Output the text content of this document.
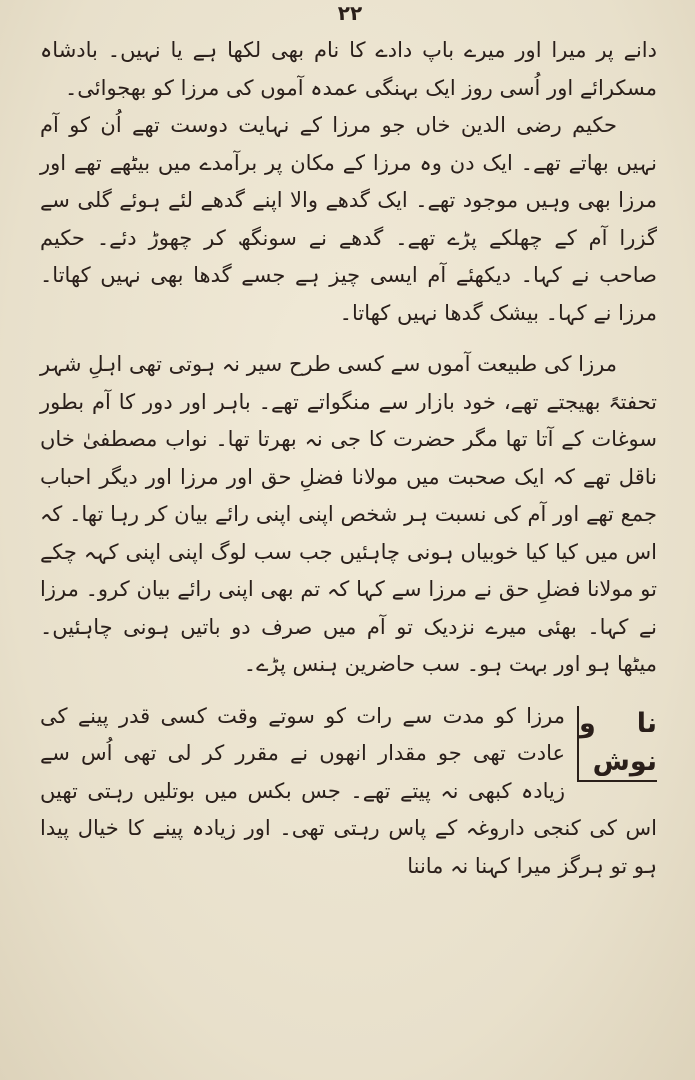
۲۲

دانے پر میرا اور میرے باپ دادے کا نام بھی لکھا ہے یا نہیں۔ بادشاہ مسکرائے اور اُسی روز ایک بہنگی عمدہ آموں کی مرزا کو بھجوائی۔

حکیم رضی الدین خاں جو مرزا کے نہایت دوست تھے اُن کو آم نہیں بھاتے تھے۔ ایک دن وہ مرزا کے مکان پر برآمدے میں بیٹھے تھے اور مرزا بھی وہیں موجود تھے۔ ایک گدھے والا اپنے گدھے لئے ہوئے گلی سے گزرا آم کے چھلکے پڑے تھے۔ گدھے نے سونگھ کر چھوڑ دئے۔ حکیم صاحب نے کہا۔ دیکھئے آم ایسی چیز ہے جسے گدھا بھی نہیں کھاتا۔ مرزا نے کہا۔ بیشک گدھا نہیں کھاتا۔

مرزا کی طبیعت آموں سے کسی طرح سیر نہ ہوتی تھی اہلِ شہر تحفتہً بھیجتے تھے، خود بازار سے منگواتے تھے۔ باہر اور دور کا آم بطور سوغات کے آتا تھا مگر حضرت کا جی نہ بھرتا تھا۔ نواب مصطفیٰ خاں ناقل تھے کہ ایک صحبت میں مولانا فضلِ حق اور مرزا اور دیگر احباب جمع تھے اور آم کی نسبت ہر شخص اپنی اپنی رائے بیان کر رہا تھا۔ کہ اس میں کیا کیا خوبیاں ہونی چاہئیں جب سب لوگ اپنی اپنی کہہ چکے تو مولانا فضلِ حق نے مرزا سے کہا کہ تم بھی اپنی رائے بیان کرو۔ مرزا نے کہا۔ بھئی میرے نزدیک تو آم میں صرف دو باتیں ہونی چاہئیں۔ میٹھا ہو اور بہت ہو۔ سب حاضرین ہنس پڑے۔

نا و نوش

مرزا کو مدت سے رات کو سوتے وقت کسی قدر پینے کی عادت تھی جو مقدار انھوں نے مقرر کر لی تھی اُس سے زیادہ کبھی نہ پیتے تھے۔ جس بکس میں بوتلیں رہتی تھیں اس کی کنجی داروغہ کے پاس رہتی تھی۔ اور زیادہ پینے کا خیال پیدا ہو تو ہرگز میرا کہنا نہ ماننا
